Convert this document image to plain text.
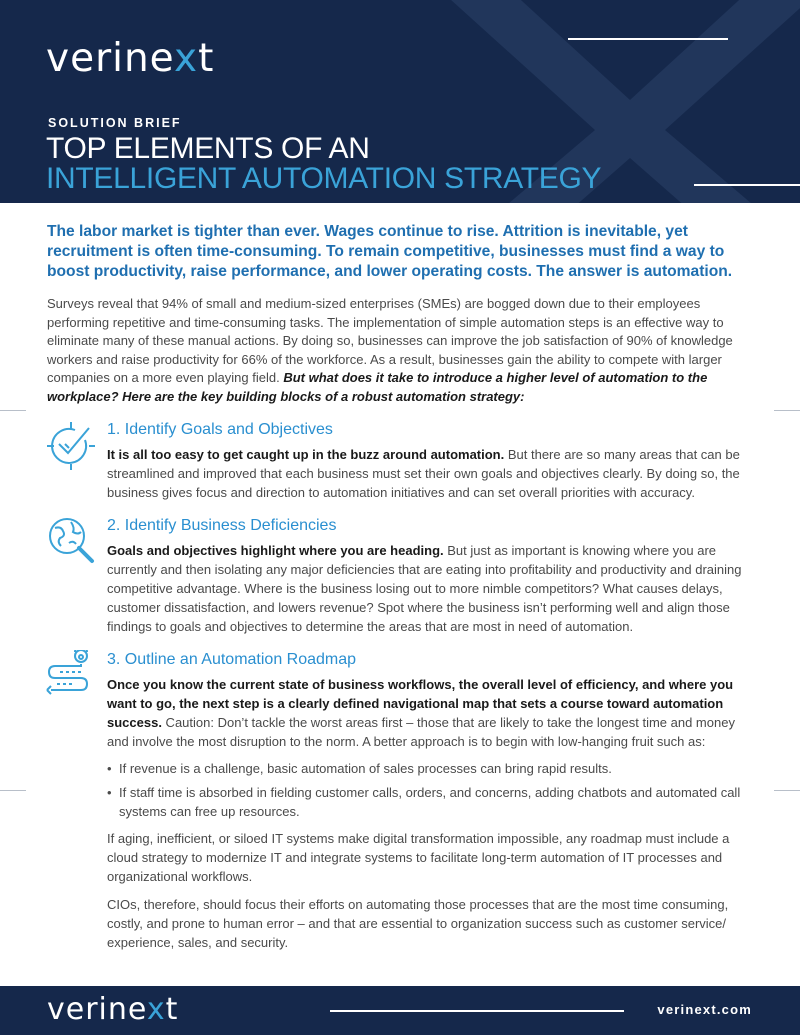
verinext
SOLUTION BRIEF
TOP ELEMENTS OF AN
INTELLIGENT AUTOMATION STRATEGY

The labor market is tighter than ever. Wages continue to rise. Attrition is inevitable, yet recruitment is often time-consuming. To remain competitive, businesses must find a way to boost productivity, raise performance, and lower operating costs. The answer is automation.

Surveys reveal that 94% of small and medium-sized enterprises (SMEs) are bogged down due to their employees performing repetitive and time-consuming tasks. The implementation of simple automation steps is an effective way to eliminate many of these manual actions. By doing so, businesses can improve the job satisfaction of 90% of knowledge workers and raise productivity for 66% of the workforce. As a result, businesses gain the ability to compete with larger companies on a more even playing field. But what does it take to introduce a higher level of automation to the workplace? Here are the key building blocks of a robust automation strategy:

1. Identify Goals and Objectives

It is all too easy to get caught up in the buzz around automation. But there are so many areas that can be streamlined and improved that each business must set their own goals and objectives clearly. By doing so, the business gives focus and direction to automation initiatives and can set overall priorities with accuracy.

2. Identify Business Deficiencies

Goals and objectives highlight where you are heading. But just as important is knowing where you are currently and then isolating any major deficiencies that are eating into profitability and productivity and draining competitive advantage. Where is the business losing out to more nimble competitors? What causes delays, customer dissatisfaction, and lowers revenue? Spot where the business isn’t performing well and align those findings to goals and objectives to determine the areas that are most in need of automation.

3. Outline an Automation Roadmap

Once you know the current state of business workflows, the overall level of efficiency, and where you want to go, the next step is a clearly defined navigational map that sets a course toward automation success. Caution: Don’t tackle the worst areas first – those that are likely to take the longest time and money and involve the most disruption to the norm. A better approach is to begin with low-hanging fruit such as:

• If revenue is a challenge, basic automation of sales processes can bring rapid results.
• If staff time is absorbed in fielding customer calls, orders, and concerns, adding chatbots and automated call systems can free up resources.

If aging, inefficient, or siloed IT systems make digital transformation impossible, any roadmap must include a cloud strategy to modernize IT and integrate systems to facilitate long-term automation of IT processes and organizational workflows.

CIOs, therefore, should focus their efforts on automating those processes that are the most time consuming, costly, and prone to human error – and that are essential to organization success such as customer service/ experience, sales, and security.

verinext	verinext.com
